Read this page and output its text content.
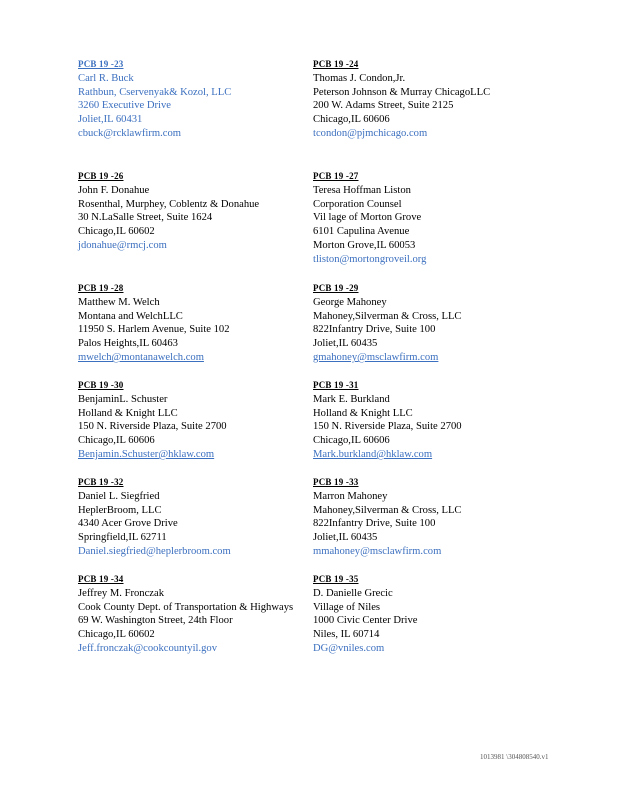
PCB 19 -23
Carl R. Buck
Rathbun, Cservenyak& Kozol, LLC
3260 Executive Drive
Joliet,IL 60431
cbuck@rcklawfirm.com
PCB 19 -26
John F. Donahue
Rosenthal, Murphey, Coblentz & Donahue
30 N.LaSalle Street, Suite 1624
Chicago,IL 60602
jdonahue@rmcj.com
PCB 19 -28
Matthew M. Welch
Montana and WelchLLC
11950 S. Harlem Avenue, Suite 102
Palos Heights,IL 60463
mwelch@montanawelch.com
PCB 19 -30
BenjaminL. Schuster
Holland & Knight LLC
150 N. Riverside Plaza, Suite 2700
Chicago,IL 60606
Benjamin.Schuster@hklaw.com
PCB 19 -32
Daniel L. Siegfried
HeplerBroom, LLC
4340 Acer Grove Drive
Springfield,IL 62711
Daniel.siegfried@heplerbroom.com
PCB 19 -34
Jeffrey M. Fronczak
Cook County Dept. of Transportation & Highways
69 W. Washington Street, 24th Floor
Chicago,IL 60602
Jeff.fronczak@cookcountyil.gov
PCB 19 -24
Thomas J. Condon,Jr.
Peterson Johnson & Murray ChicagoLLC
200 W. Adams Street, Suite 2125
Chicago,IL 60606
tcondon@pjmchicago.com
PCB 19 -27
Teresa Hoffman Liston
Corporation Counsel
Vil lage of Morton Grove
6101 Capulina Avenue
Morton Grove,IL 60053
tliston@mortongroveil.org
PCB 19 -29
George Mahoney
Mahoney,Silverman & Cross, LLC
822Infantry Drive, Suite 100
Joliet,IL 60435
gmahoney@msclawfirm.com
PCB 19 -31
Mark E. Burkland
Holland & Knight LLC
150 N. Riverside Plaza, Suite 2700
Chicago,IL 60606
Mark.burkland@hklaw.com
PCB 19 -33
Marron Mahoney
Mahoney,Silverman & Cross, LLC
822Infantry Drive, Suite 100
Joliet,IL 60435
mmahoney@msclawfirm.com
PCB 19 -35
D. Danielle Grecic
Village of Niles
1000 Civic Center Drive
Niles, IL 60714
DG@vniles.com
1013981 \304808540.v1
